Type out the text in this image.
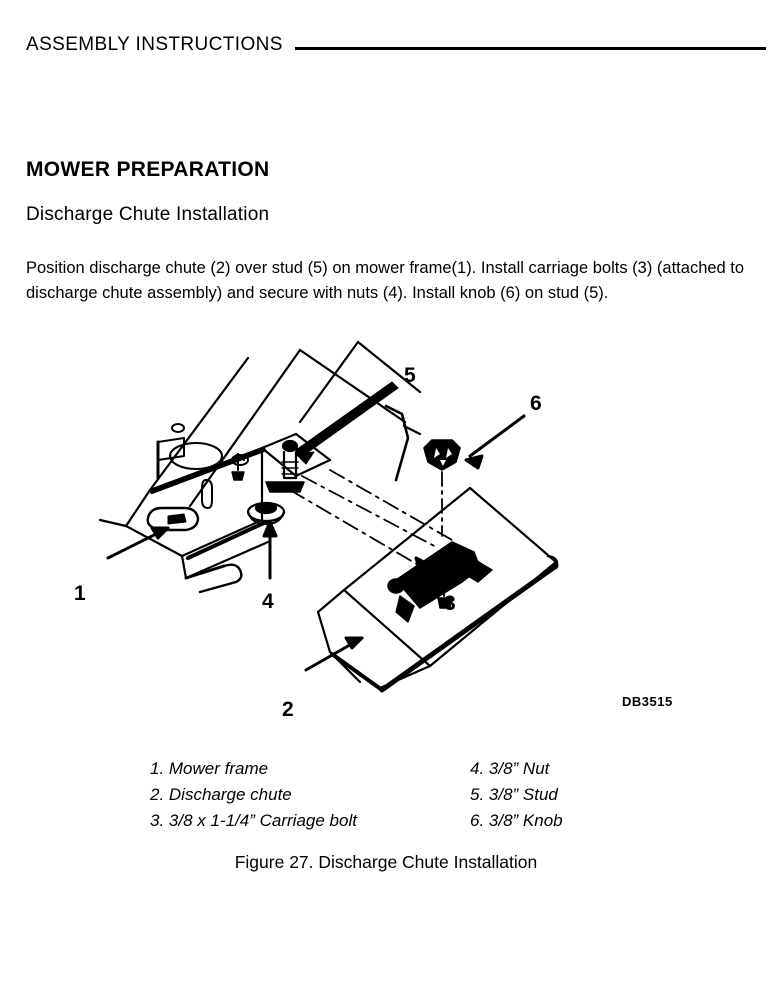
ASSEMBLY INSTRUCTIONS
MOWER PREPARATION
Discharge Chute Installation
Position discharge chute (2) over stud (5) on mower frame(1). Install carriage bolts (3) (attached to discharge chute assembly) and secure with nuts (4). Install knob (6) on stud (5).
1
2
3
4
5
6
DB3515
1. Mower frame
2. Discharge chute
3. 3/8 x 1-1/4” Carriage bolt
4. 3/8” Nut
5. 3/8” Stud
6. 3/8” Knob
Figure 27. Discharge Chute Installation
